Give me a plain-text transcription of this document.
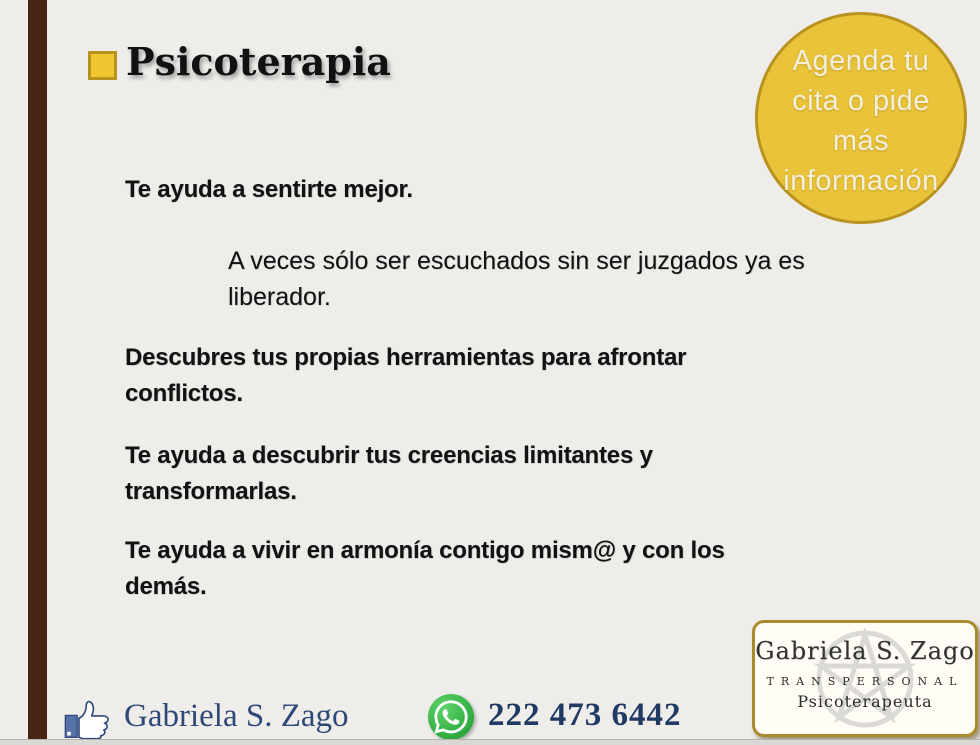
Psicoterapia	Agenda tu
cita o pide
más
información

Te ayuda a sentirte mejor.

A veces sólo ser escuchados sin ser juzgados ya es liberador.

Descubres tus propias herramientas para afrontar conflictos.

Te ayuda a descubrir tus creencias limitantes y transformarlas.

Te ayuda a vivir en armonía contigo mism@ y con los demás.

Gabriela S. Zago	222 473 6442
Gabriela S. Zago
transpersonal
Psicoterapeuta
